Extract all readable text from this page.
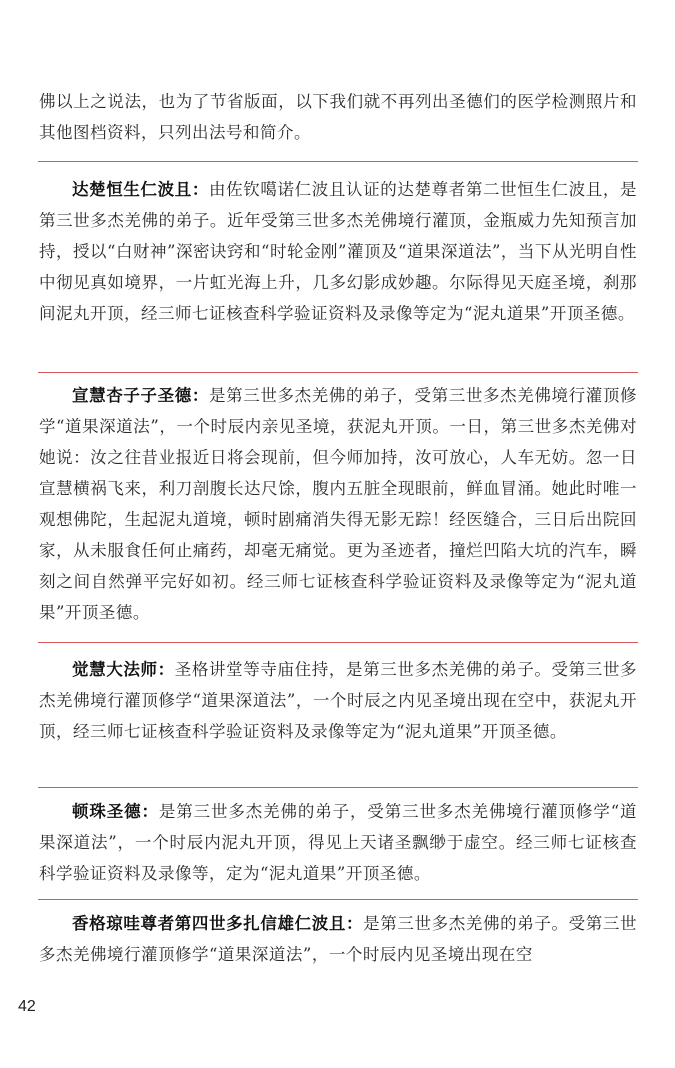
佛以上之说法，也为了节省版面，以下我们就不再列出圣德们的医学检测照片和其他图档资料，只列出法号和简介。

达楚恒生仁波且：由佐钦噶诺仁波且认证的达楚尊者第二世恒生仁波且，是第三世多杰羌佛的弟子。近年受第三世多杰羌佛境行灌顶，金瓶威力先知预言加持，授以“白财神”深密诀窍和“时轮金刚”灌顶及“道果深道法”，当下从光明自性中彻见真如境界，一片虹光海上升，几多幻影成妙趣。尔际得见天庭圣境，刹那间泥丸开顶，经三师七证核查科学验证资料及录像等定为“泥丸道果”开顶圣德。

宣慧杏子子圣德：是第三世多杰羌佛的弟子，受第三世多杰羌佛境行灌顶修学“道果深道法”，一个时辰内亲见圣境，获泥丸开顶。一日，第三世多杰羌佛对她说：汝之往昔业报近日将会现前，但今师加持，汝可放心，人车无妨。忽一日宣慧横祸飞来，利刀剖腹长达尺馀，腹内五脏全现眼前，鲜血冒涌。她此时唯一观想佛陀，生起泥丸道境，顿时剧痛消失得无影无踪！经医缝合，三日后出院回家，从未服食任何止痛药，却毫无痛觉。更为圣迹者，撞烂凹陷大坑的汽车，瞬刻之间自然弹平完好如初。经三师七证核查科学验证资料及录像等定为“泥丸道果”开顶圣德。

觉慧大法师：圣格讲堂等寺庙住持，是第三世多杰羌佛的弟子。受第三世多杰羌佛境行灌顶修学“道果深道法”，一个时辰之内见圣境出现在空中，获泥丸开顶，经三师七证核查科学验证资料及录像等定为“泥丸道果”开顶圣德。

顿珠圣德：是第三世多杰羌佛的弟子，受第三世多杰羌佛境行灌顶修学“道果深道法”，一个时辰内泥丸开顶，得见上天诸圣飘缈于虚空。经三师七证核查科学验证资料及录像等，定为“泥丸道果”开顶圣德。

香格琼哇尊者第四世多扎信雄仁波且：是第三世多杰羌佛的弟子。受第三世多杰羌佛境行灌顶修学“道果深道法”，一个时辰内见圣境出现在空

42
